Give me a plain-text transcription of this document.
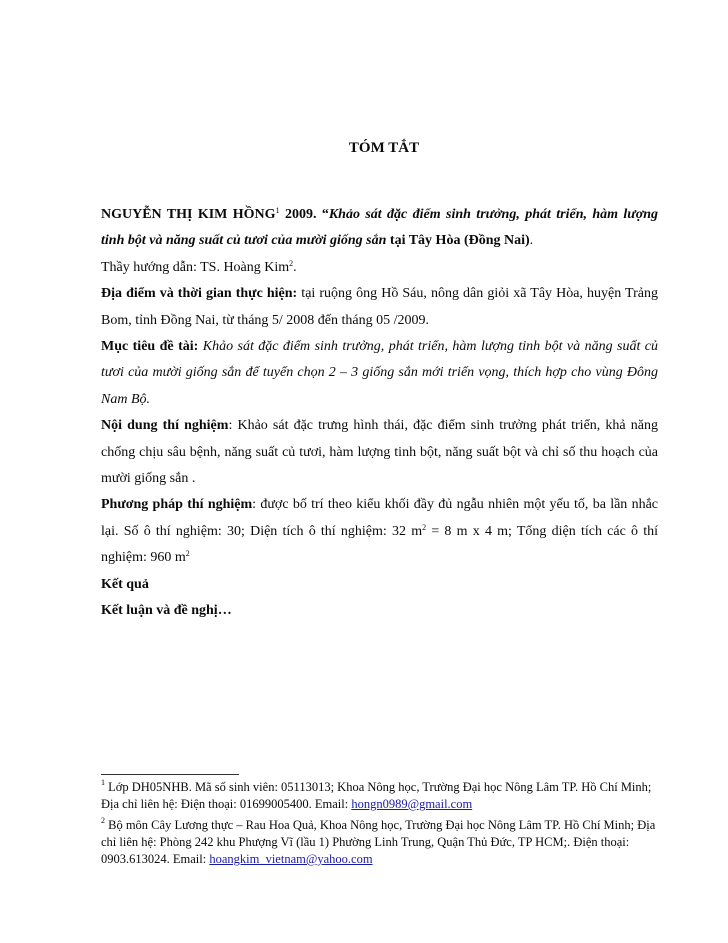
TÓM TẮT

NGUYỄN THỊ KIM HỒNG$^1$ 2009. “Khảo sát đặc điểm sinh trưởng, phát triển, hàm lượng tinh bột và năng suất củ tươi của mười giống sắn tại Tây Hòa (Đồng Nai).

Thầy hướng dẫn: TS. Hoàng Kim$^2$.

Địa điểm và thời gian thực hiện: tại ruộng ông Hồ Sáu, nông dân giỏi xã Tây Hòa, huyện Trảng Bom, tỉnh Đồng Nai, từ tháng 5/ 2008 đến tháng 05 /2009.

Mục tiêu đề tài: Khảo sát đặc điểm sinh trưởng, phát triển, hàm lượng tinh bột và năng suất củ tươi của mười giống sắn để tuyển chọn 2 – 3 giống sắn mới triển vọng, thích hợp cho vùng Đông Nam Bộ.

Nội dung thí nghiệm: Khảo sát đặc trưng hình thái, đặc điểm sinh trưởng phát triển, khả năng chống chịu sâu bệnh, năng suất củ tươi, hàm lượng tinh bột, năng suất bột và chỉ số thu hoạch của mười giống sắn .

Phương pháp thí nghiệm: được bố trí theo kiểu khối đầy đủ ngẫu nhiên một yếu tố, ba lần nhắc lại. Số ô thí nghiệm: 30; Diện tích ô thí nghiệm: 32 $m^2 = 8$ m x 4 m; Tổng diện tích các ô thí nghiệm: 960 $m^2$

Kết quả

Kết luận và đề nghị…

$^1$ Lớp DH05NHB. Mã số sinh viên: 05113013; Khoa Nông học, Trường Đại học Nông Lâm TP. Hồ Chí Minh; Địa chỉ liên hệ: Điện thoại: 01699005400. Email: hongn0989@gmail.com

$^2$ Bộ môn Cây Lương thực – Rau Hoa Quả, Khoa Nông học, Trường Đại học Nông Lâm TP. Hồ Chí Minh; Địa chỉ liên hệ: Phòng 242 khu Phượng Vĩ (lầu 1) Phường Linh Trung, Quận Thủ Đức, TP HCM;. Điện thoại: 0903.613024. Email: hoangkim_vietnam@yahoo.com
